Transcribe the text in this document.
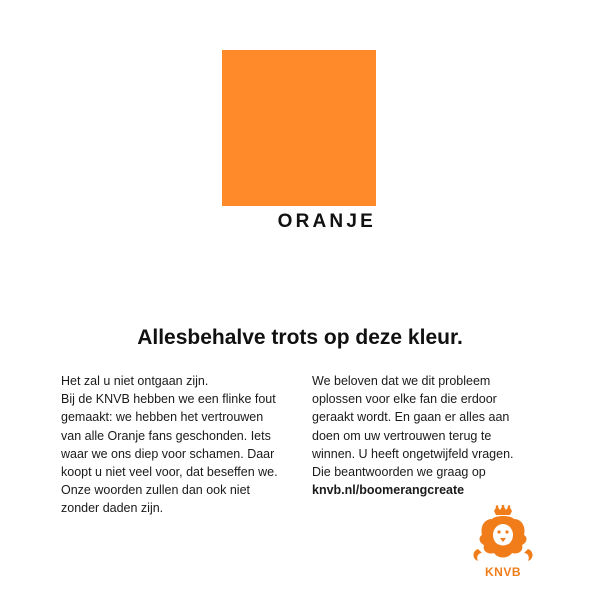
ORANJE
Allesbehalve trots op deze kleur.

Het zal u niet ontgaan zijn.

Bij de KNVB hebben we een flinke fout

gemaakt: we hebben het vertrouwen

van alle Oranje fans geschonden. Iets

waar we ons diep voor schamen. Daar

koopt u niet veel voor, dat beseffen we.

Onze woorden zullen dan ook niet

zonder daden zijn.

We beloven dat we dit probleem

oplossen voor elke fan die erdoor

geraakt wordt. En gaan er alles aan

doen om uw vertrouwen terug te

winnen. U heeft ongetwijfeld vragen.

Die beantwoorden we graag op

knvb.nl/boomerangcreate

KNVB
